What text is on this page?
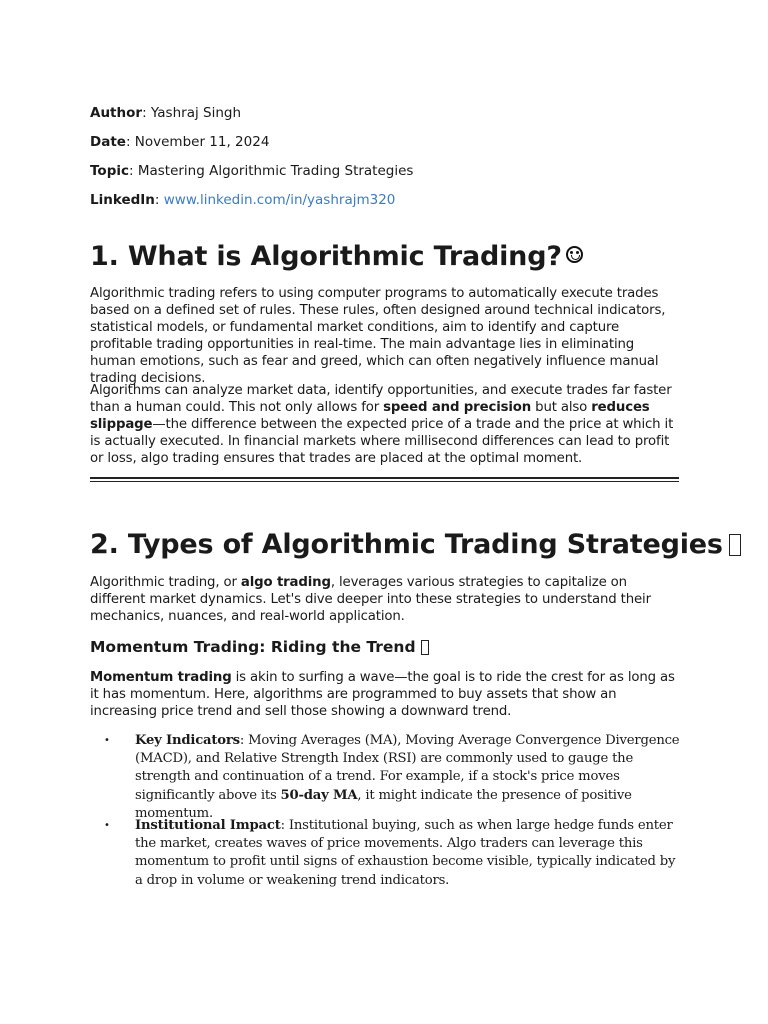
Author: Yashraj Singh
Date: November 11, 2024
Topic: Mastering Algorithmic Trading Strategies
LinkedIn: www.linkedin.com/in/yashrajm320
1. What is Algorithmic Trading?

Algorithmic trading refers to using computer programs to automatically execute trades based on a defined set of rules. These rules, often designed around technical indicators, statistical models, or fundamental market conditions, aim to identify and capture profitable trading opportunities in real-time. The main advantage lies in eliminating human emotions, such as fear and greed, which can often negatively influence manual trading decisions.

Algorithms can analyze market data, identify opportunities, and execute trades far faster than a human could. This not only allows for speed and precision but also reduces slippage—the difference between the expected price of a trade and the price at which it is actually executed. In financial markets where millisecond differences can lead to profit or loss, algo trading ensures that trades are placed at the optimal moment.

2. Types of Algorithmic Trading Strategies

Algorithmic trading, or algo trading, leverages various strategies to capitalize on different market dynamics. Let's dive deeper into these strategies to understand their mechanics, nuances, and real-world application.

Momentum Trading: Riding the Trend

Momentum trading is akin to surfing a wave—the goal is to ride the crest for as long as it has momentum. Here, algorithms are programmed to buy assets that show an increasing price trend and sell those showing a downward trend.

•	Key Indicators: Moving Averages (MA), Moving Average Convergence Divergence (MACD), and Relative Strength Index (RSI) are commonly used to gauge the strength and continuation of a trend. For example, if a stock's price moves significantly above its 50-day MA, it might indicate the presence of positive momentum.
•	Institutional Impact: Institutional buying, such as when large hedge funds enter the market, creates waves of price movements. Algo traders can leverage this momentum to profit until signs of exhaustion become visible, typically indicated by a drop in volume or weakening trend indicators.
